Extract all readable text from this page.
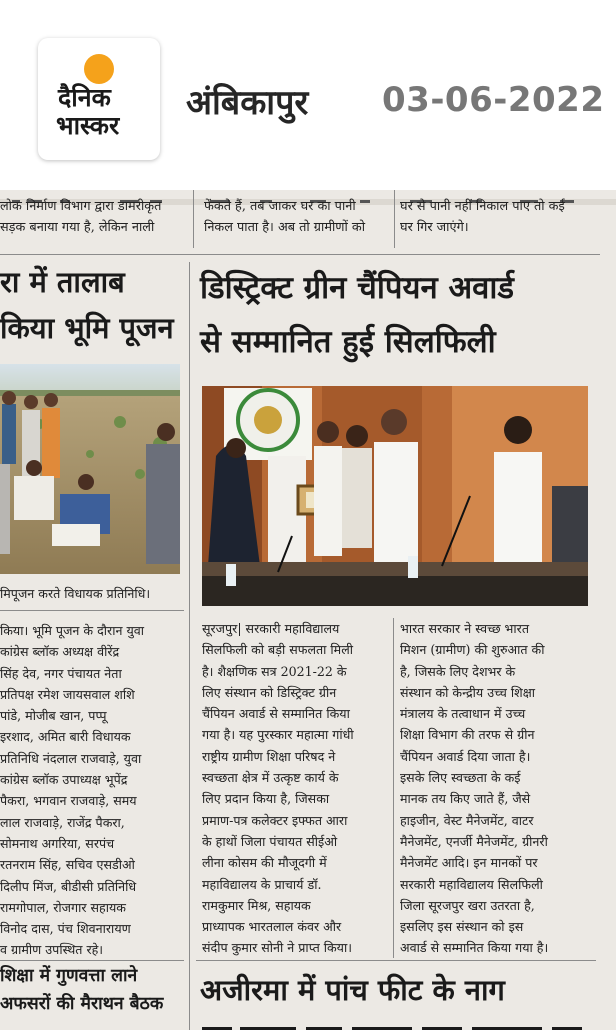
दैनिक
भास्कर
अंबिकापुर 03-06-2022

लोक निर्माण विभाग द्वारा डामरीकृत

सड़क बनाया गया है, लेकिन नाली

फेंकते हैं, तब जाकर घर का पानी

निकल पाता है। अब तो ग्रामीणों को

घर से पानी नहीं निकाल पाए तो कई

घर गिर जाएंगे।

रा में तालाब
किया भूमि पूजन
मिपूजन करते विधायक प्रतिनिधि।

किया। भूमि पूजन के दौरान युवा

कांग्रेस ब्लॉक अध्यक्ष वीरेंद्र

सिंह देव, नगर पंचायत नेता

प्रतिपक्ष रमेश जायसवाल शशि

पांडे, मोजीब खान, पप्पू

इरशाद, अमित बारी विधायक

प्रतिनिधि नंदलाल राजवाड़े, युवा

कांग्रेस ब्लॉक उपाध्यक्ष भूपेंद्र

पैकरा, भगवान राजवाड़े, समय

लाल राजवाड़े, राजेंद्र पैकरा,

सोमनाथ अगरिया, सरपंच

रतनराम सिंह, सचिव एसडीओ

दिलीप मिंज, बीडीसी प्रतिनिधि

रामगोपाल, रोजगार सहायक

विनोद दास, पंच शिवनारायण

व ग्रामीण उपस्थित रहे।

शिक्षा में गुणवत्ता लाने
अफसरों की मैराथन बैठक
डिस्ट्रिक्ट ग्रीन चैंपियन अवार्ड
से सम्मानित हुई सिलफिली

सूरजपुर| सरकारी महाविद्यालय

सिलफिली को बड़ी सफलता मिली

है। शैक्षणिक सत्र 2021-22 के

लिए संस्थान को डिस्ट्रिक्ट ग्रीन

चैंपियन अवार्ड से सम्मानित किया

गया है। यह पुरस्कार महात्मा गांधी

राष्ट्रीय ग्रामीण शिक्षा परिषद ने

स्वच्छता क्षेत्र में उत्कृष्ट कार्य के

लिए प्रदान किया है, जिसका

प्रमाण-पत्र कलेक्टर इफ्फत आरा

के हाथों जिला पंचायत सीईओ

लीना कोसम की मौजूदगी में

महाविद्यालय के प्राचार्य डॉ.

रामकुमार मिश्र, सहायक

प्राध्यापक भारतलाल कंवर और

संदीप कुमार सोनी ने प्राप्त किया।

भारत सरकार ने स्वच्छ भारत

मिशन (ग्रामीण) की शुरुआत की

है, जिसके लिए देशभर के

संस्थान को केन्द्रीय उच्च शिक्षा

मंत्रालय के तत्वाधान में उच्च

शिक्षा विभाग की तरफ से ग्रीन

चैंपियन अवार्ड दिया जाता है।

इसके लिए स्वच्छता के कई

मानक तय किए जाते हैं, जैसे

हाइजीन, वेस्ट मैनेजमेंट, वाटर

मैनेजमेंट, एनर्जी मैनेजमेंट, ग्रीनरी

मैनेजमेंट आदि। इन मानकों पर

सरकारी महाविद्यालय सिलफिली

जिला सूरजपुर खरा उतरता है,

इसलिए इस संस्थान को इस

अवार्ड से सम्मानित किया गया है।

अजीरमा में पांच फीट के नाग
